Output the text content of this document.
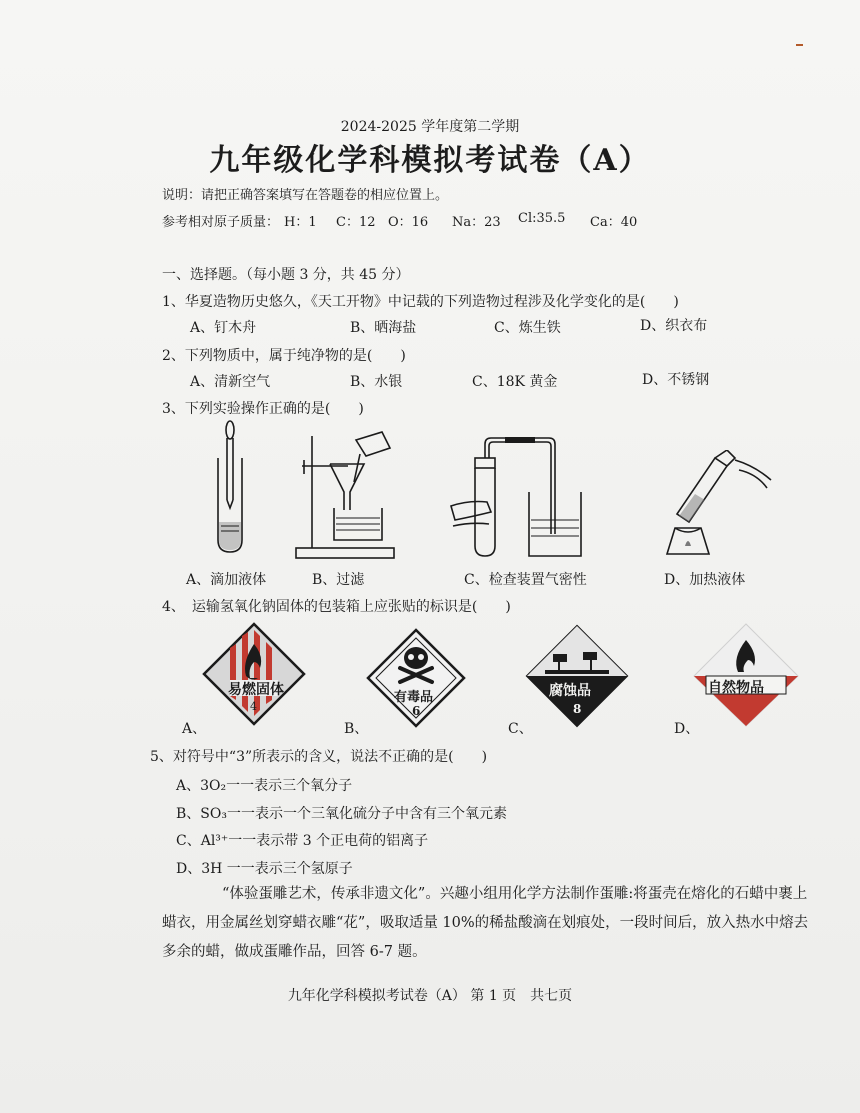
2024-2025 学年度第二学期
九年级化学科模拟考试卷（A）
说明：请把正确答案填写在答题卷的相应位置上。
参考相对原子质量： H：1 C：12 O：16 Na：23 Cl:35.5 Ca：40
一、选择题。（每小题 3 分，共 45 分）
1、华夏造物历史悠久，《天工开物》中记载的下列造物过程涉及化学变化的是(　　)
A、钉木舟	B、晒海盐	C、炼生铁	D、织衣布
2、下列物质中，属于纯净物的是(　　)
A、清新空气	B、水银	C、18K 黄金	D、不锈钢
3、下列实验操作正确的是(　　)
A、滴加液体	B、过滤	C、检查装置气密性	D、加热液体
4、　运输氢氧化钠固体的包装箱上应张贴的标识是(　　)
易燃固体
4
有毒品
6
腐蚀品
8
自然物品
A、	B、	C、	D、
5、对符号中“3”所表示的含义，说法不正确的是(　　)
A、3O₂一一表示三个氧分子
B、SO₃一一表示一个三氧化硫分子中含有三个氧元素
C、Al³⁺一一表示带 3 个正电荷的铝离子
D、3H 一一表示三个氢原子
“体验蛋雕艺术，传承非遗文化”。兴趣小组用化学方法制作蛋雕:将蛋壳在熔化的石蜡中裹上蜡衣，用金属丝划穿蜡衣雕“花”，吸取适量 10%的稀盐酸滴在划痕处，一段时间后，放入热水中熔去多余的蜡，做成蛋雕作品，回答 6-7 题。
九年化学科模拟考试卷（A） 第 1 页　共七页
